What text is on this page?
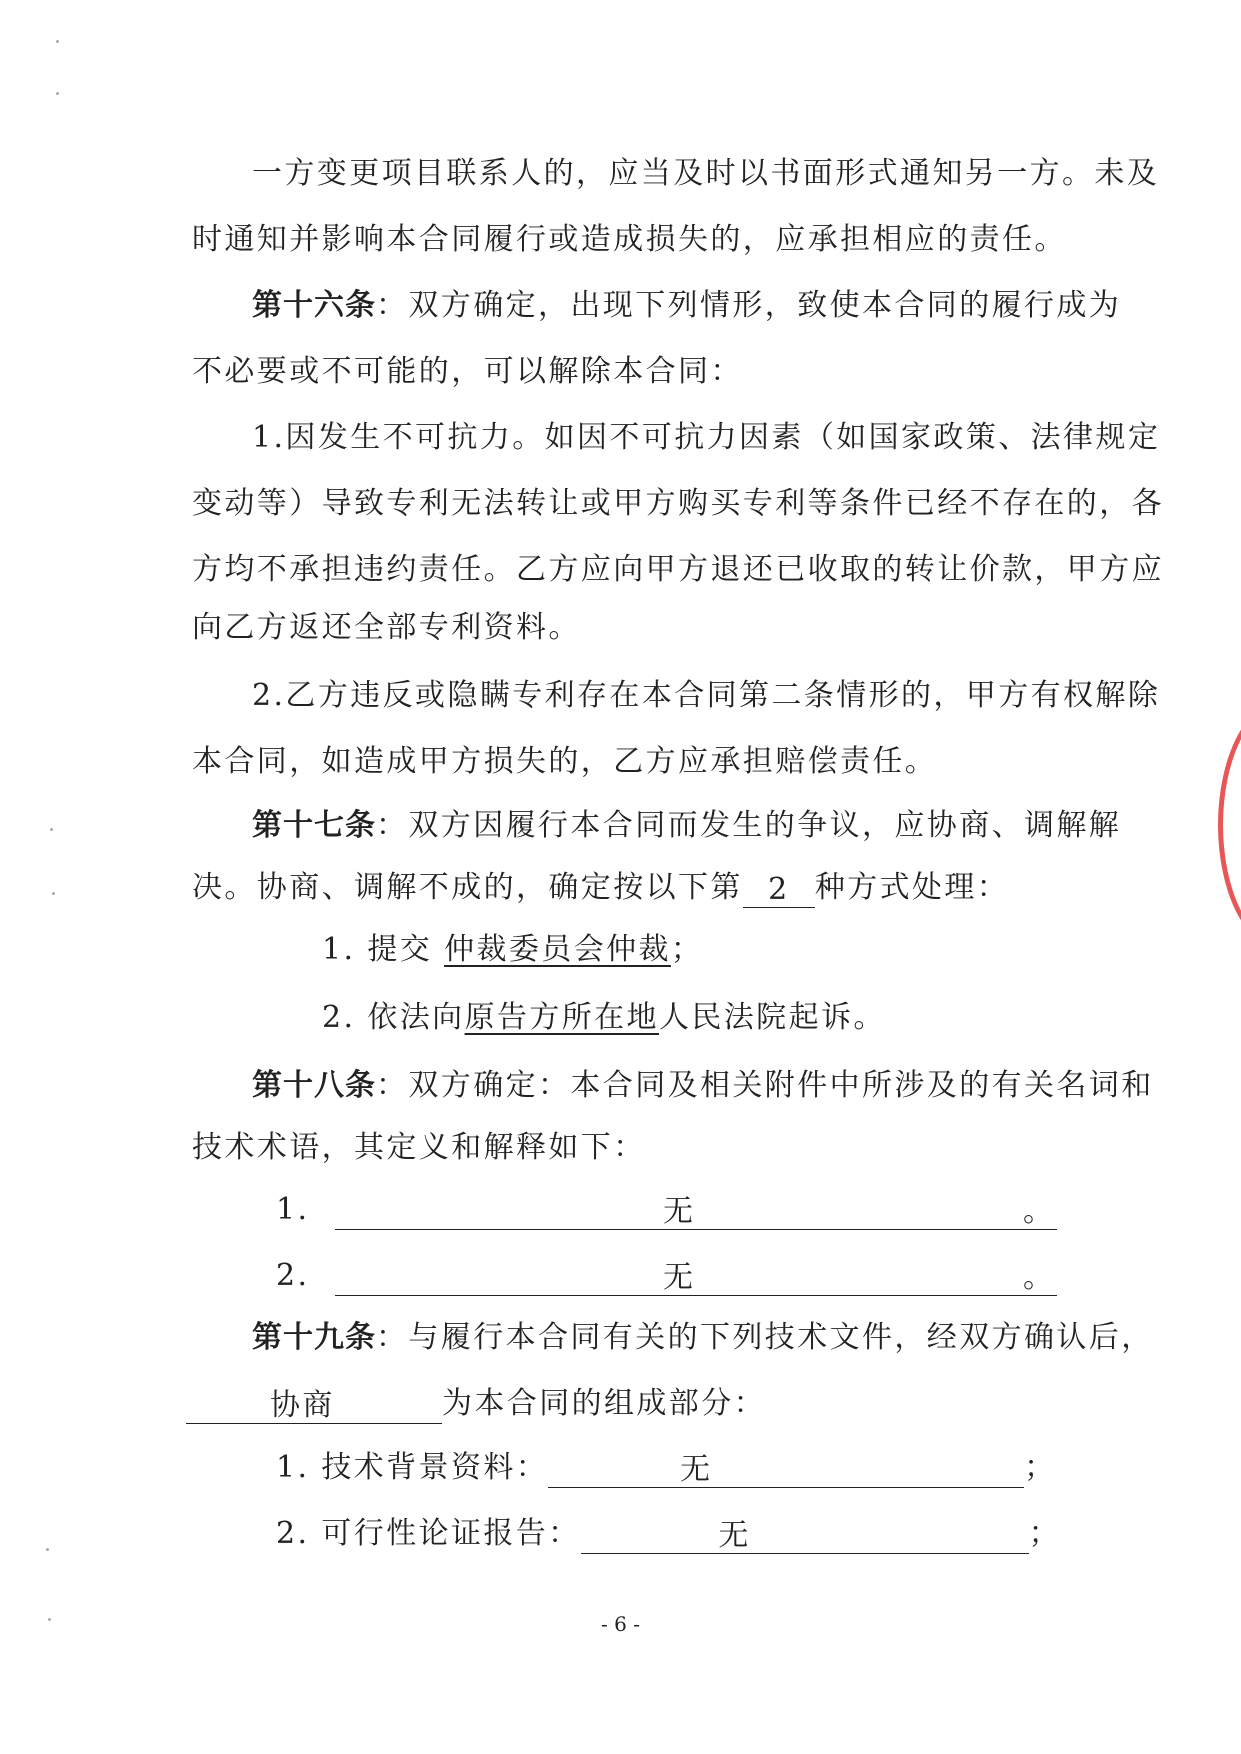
一方变更项目联系人的，应当及时以书面形式通知另一方。未及
时通知并影响本合同履行或造成损失的，应承担相应的责任。
第十六条：双方确定，出现下列情形，致使本合同的履行成为
不必要或不可能的，可以解除本合同：
1.因发生不可抗力。如因不可抗力因素（如国家政策、法律规定
变动等）导致专利无法转让或甲方购买专利等条件已经不存在的，各
方均不承担违约责任。乙方应向甲方退还已收取的转让价款，甲方应
向乙方返还全部专利资料。
2.乙方违反或隐瞒专利存在本合同第二条情形的，甲方有权解除
本合同，如造成甲方损失的，乙方应承担赔偿责任。
第十七条：双方因履行本合同而发生的争议，应协商、调解解
决。协商、调解不成的，确定按以下第 2 种方式处理：
1. 提交 仲裁委员会仲裁；
2. 依法向原告方所在地人民法院起诉。
第十八条：双方确定：本合同及相关附件中所涉及的有关名词和
技术术语，其定义和解释如下：
1.	无	。
2.	无	。
第十九条：与履行本合同有关的下列技术文件，经双方确认后，
协商	为本合同的组成部分：
1. 技术背景资料：	无	；
2. 可行性论证报告：	无	；
- 6 -
